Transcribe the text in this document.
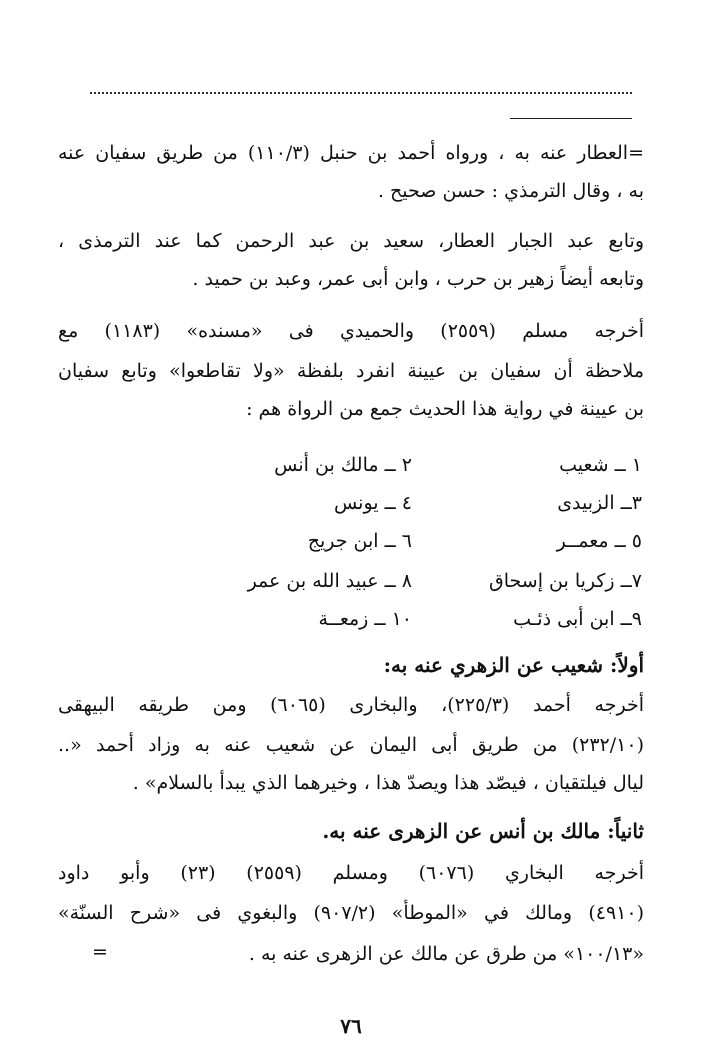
=العطار عنه به ، ورواه أحمد بن حنبل (١١٠/٣) من طريق سفيان عنه
به ، وقال الترمذي : حسن صحيح .
وتابع عبد الجبار العطار، سعيد بن عبد الرحمن كما عند الترمذى ،
وتابعه أيضاً زهير بن حرب ، وابن أبى عمر، وعبد بن حميد .
أخرجه مسلم (٢٥٥٩) والحميدي فى «مسنده» (١١٨٣) مع
ملاحظة أن سفيان بن عيينة انفرد بلفظة «ولا تقاطعوا» وتابع سفيان
بن عيينة في رواية هذا الحديث جمع من الرواة هم :
١ ــ شعيب
٢ ــ مالك بن أنس
٣ــ الزبيدى
٤ ــ يونس
٥ ــ معمــر
٦ ــ ابن جريج
٧ــ زكريا بن إسحاق
٨ ــ عبيد الله بن عمر
٩ــ ابن أبى ذئـب
١٠ ــ زمعــة
أولاً: شعيب عن الزهري عنه به:
أخرجه أحمد (٢٢٥/٣)، والبخارى (٦٠٦٥) ومن طريقه البيهقى
(٢٣٢/١٠) من طريق أبى اليمان عن شعيب عنه به وزاد أحمد «..
ليال فيلتقيان ، فيصّد هذا ويصدّ هذا ، وخيرهما الذي يبدأ بالسلام» .
ثانياً: مالك بن أنس عن الزهرى عنه به.
أخرجه البخاري (٦٠٧٦) ومسلم (٢٥٥٩) (٢٣) وأبو داود
(٤٩١٠) ومالك في «الموطأ» (٩٠٧/٢) والبغوي فى «شرح السنّة»
«١٠٠/١٣» من طرق عن مالك عن الزهرى عنه به .
=
٧٦
